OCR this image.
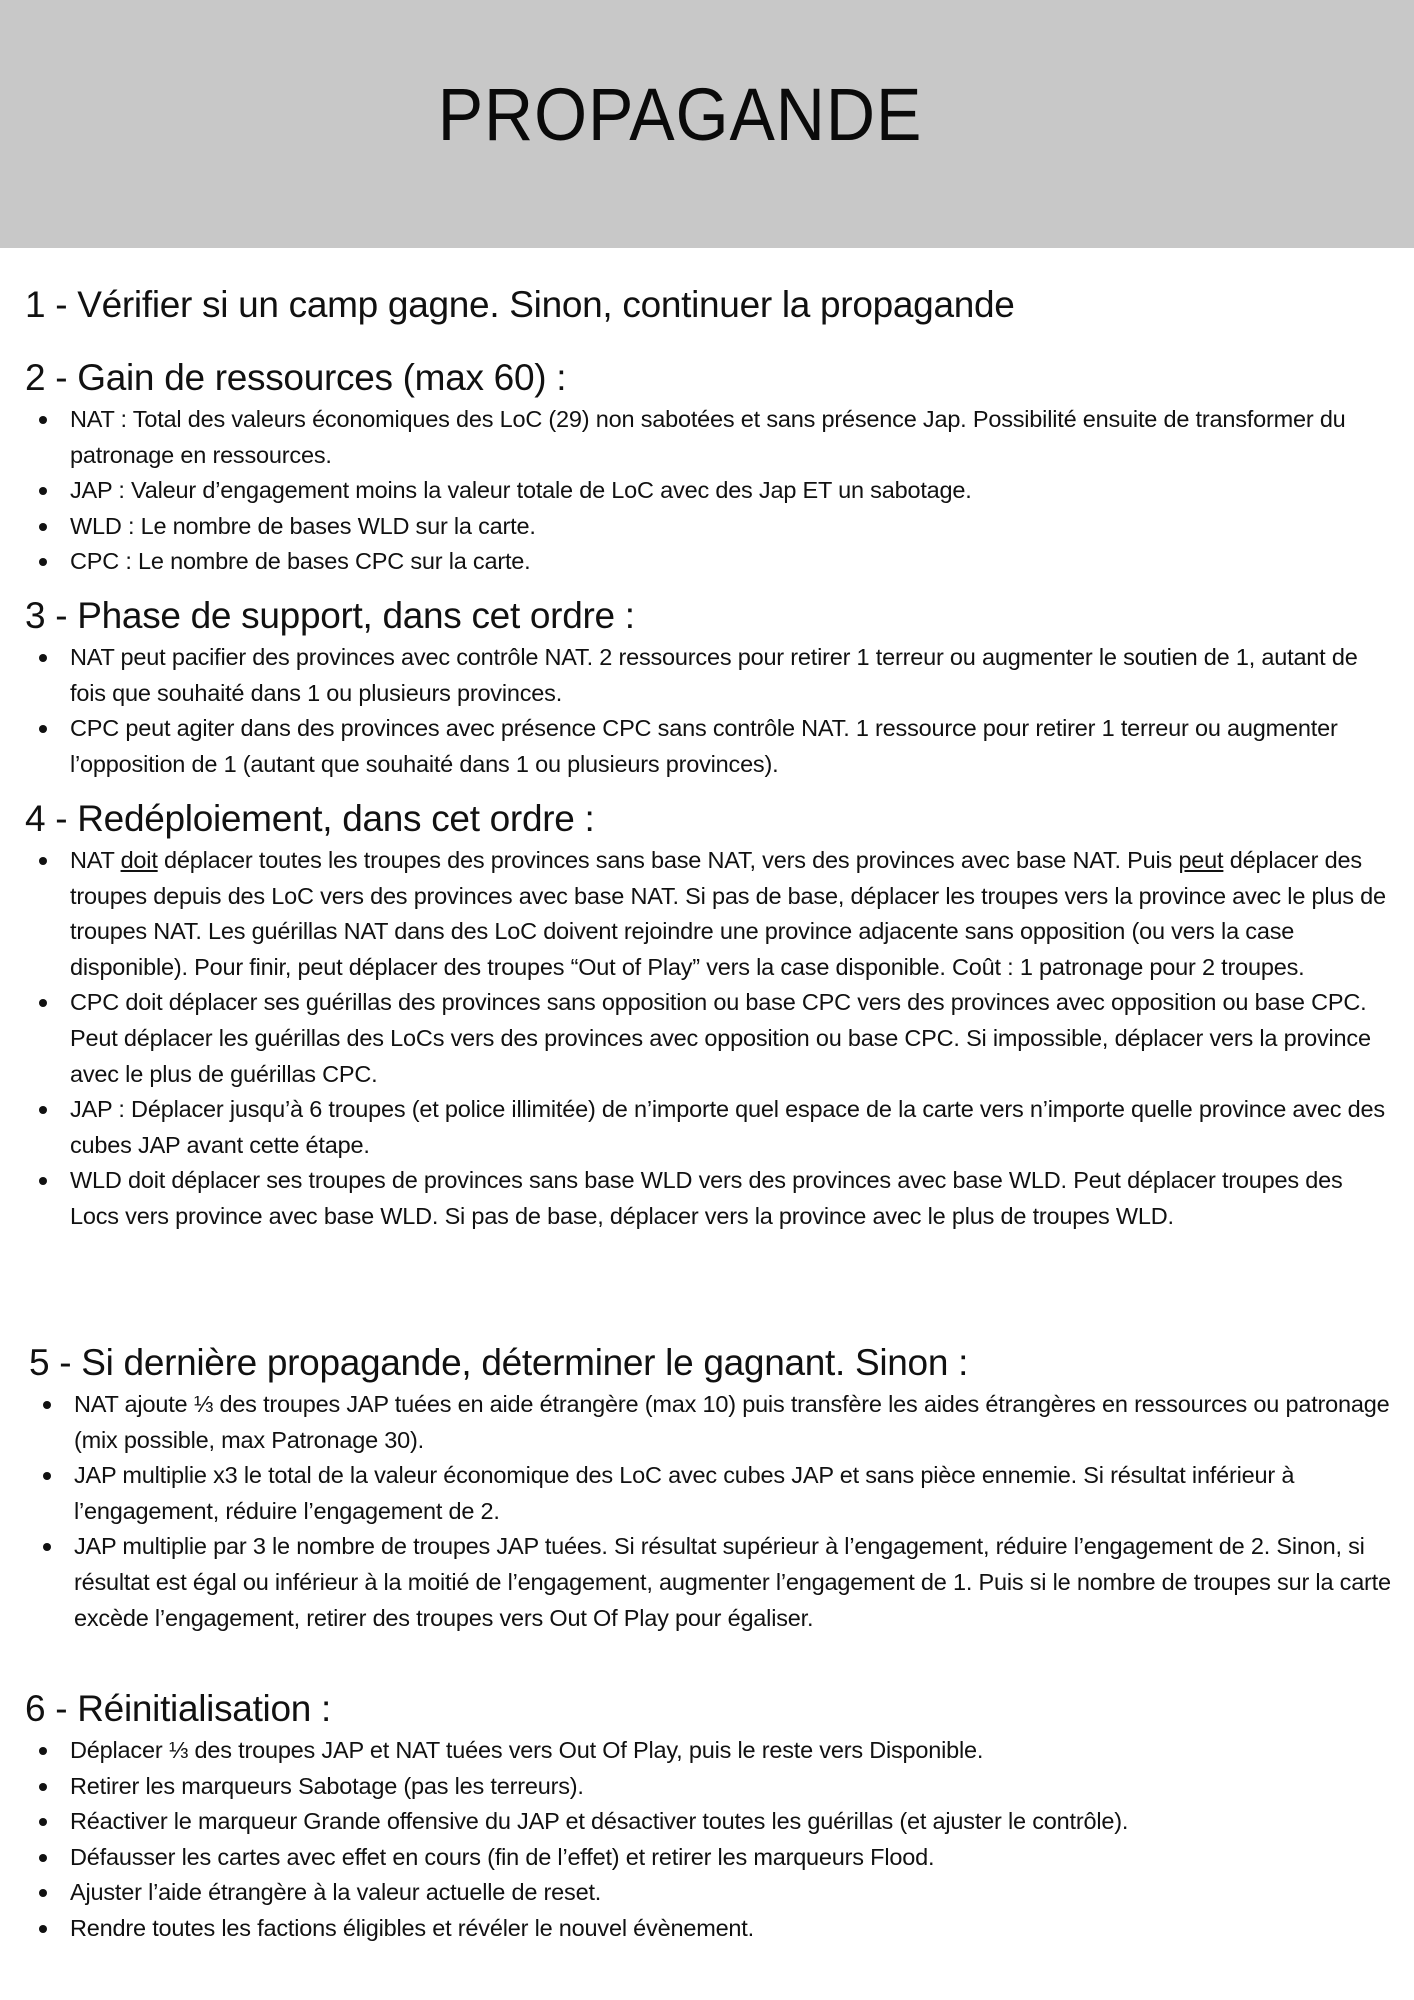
PROPAGANDE
1 - Vérifier si un camp gagne. Sinon, continuer la propagande
2 - Gain de ressources (max 60) :
NAT : Total des valeurs économiques des LoC (29) non sabotées et sans présence Jap. Possibilité ensuite de transformer du patronage en ressources.
JAP : Valeur d’engagement moins la valeur totale de LoC avec des Jap ET un sabotage.
WLD : Le nombre de bases WLD sur la carte.
CPC : Le nombre de bases CPC sur la carte.
3 - Phase de support, dans cet ordre :
NAT peut pacifier des provinces avec contrôle NAT. 2 ressources pour retirer 1 terreur ou augmenter le soutien de 1, autant de fois que souhaité dans 1 ou plusieurs provinces.
CPC peut agiter dans des provinces avec présence CPC sans contrôle NAT. 1 ressource pour retirer 1 terreur ou augmenter l’opposition de 1 (autant que souhaité dans 1 ou plusieurs provinces).
4 - Redéploiement, dans cet ordre :
NAT doit déplacer toutes les troupes des provinces sans base NAT, vers des provinces avec base NAT. Puis peut déplacer des troupes depuis des LoC vers des provinces avec base NAT. Si pas de base, déplacer les troupes vers la province avec le plus de troupes NAT. Les guérillas NAT dans des LoC doivent rejoindre une province adjacente sans opposition (ou vers la case disponible). Pour finir, peut déplacer des troupes “Out of Play” vers la case disponible. Coût : 1 patronage pour 2 troupes.
CPC doit déplacer ses guérillas des provinces sans opposition ou base CPC vers des provinces avec opposition ou base CPC. Peut déplacer les guérillas des LoCs vers des provinces avec opposition ou base CPC. Si impossible, déplacer vers la province avec le plus de guérillas CPC.
JAP : Déplacer jusqu’à 6 troupes (et police illimitée) de n’importe quel espace de la carte vers n’importe quelle province avec des cubes JAP avant cette étape.
WLD doit déplacer ses troupes de provinces sans base WLD vers des provinces avec base WLD. Peut déplacer troupes des Locs vers province avec base WLD. Si pas de base, déplacer vers la province avec le plus de troupes WLD.
5 - Si dernière propagande, déterminer le gagnant. Sinon :
NAT ajoute ⅓ des troupes JAP tuées en aide étrangère (max 10) puis transfère les aides étrangères en ressources ou patronage (mix possible, max Patronage 30).
JAP multiplie x3 le total de la valeur économique des LoC avec cubes JAP et sans pièce ennemie. Si résultat inférieur à l’engagement, réduire l’engagement de 2.
JAP multiplie par 3 le nombre de troupes JAP tuées. Si résultat supérieur à l’engagement, réduire l’engagement de 2. Sinon, si résultat est égal ou inférieur à la moitié de l’engagement, augmenter l’engagement de 1. Puis si le nombre de troupes sur la carte excède l’engagement, retirer des troupes vers Out Of Play pour égaliser.
6 - Réinitialisation :
Déplacer ⅓ des troupes JAP et NAT tuées vers Out Of Play, puis le reste vers Disponible.
Retirer les marqueurs Sabotage (pas les terreurs).
Réactiver le marqueur Grande offensive du JAP et désactiver toutes les guérillas (et ajuster le contrôle).
Défausser les cartes avec effet en cours (fin de l’effet) et retirer les marqueurs Flood.
Ajuster l’aide étrangère à la valeur actuelle de reset.
Rendre toutes les factions éligibles et révéler le nouvel évènement.
